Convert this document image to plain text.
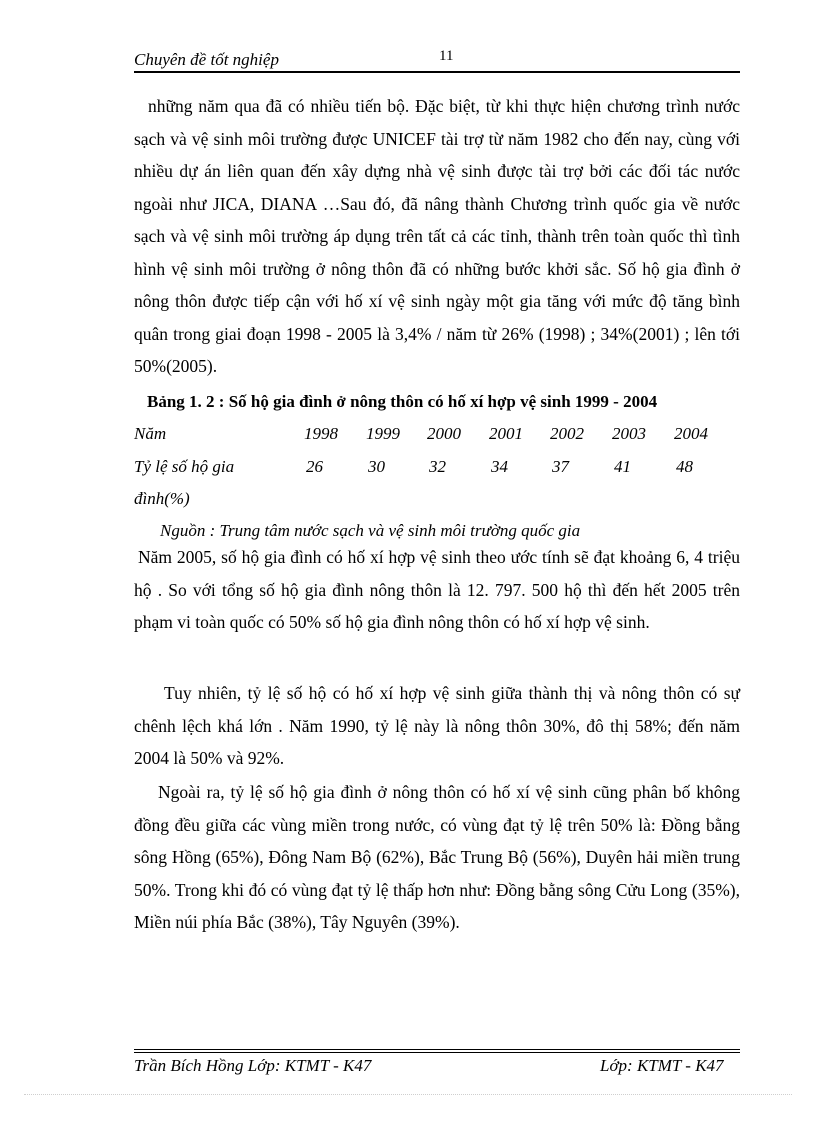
Chuyên đề tốt nghiệp	11

những năm qua đã có nhiều tiến bộ. Đặc biệt, từ khi thực hiện chương trình nước sạch và vệ sinh môi trường được UNICEF tài trợ từ năm 1982 cho đến nay, cùng với nhiều dự án liên quan đến xây dựng nhà vệ sinh được tài trợ bởi các đối tác nước ngoài như JICA, DIANA …Sau đó, đã nâng thành Chương trình quốc gia về nước sạch và vệ sinh môi trường áp dụng trên tất cả các tỉnh, thành trên toàn quốc thì tình hình vệ sinh môi trường ở nông thôn đã có những bước khởi sắc. Số hộ gia đình ở nông thôn được tiếp cận với hố xí vệ sinh ngày một gia tăng với mức độ tăng bình quân trong giai đoạn 1998 - 2005 là 3,4% / năm từ 26% (1998) ; 34%(2001) ; lên tới 50%(2005).

Bảng 1. 2 : Số hộ gia đình ở nông thôn có hố xí hợp vệ sinh 1999 - 2004
Năm	1998 1999 2000 2001 2002 2003 2004
Tỷ lệ số hộ gia	26	30	32	34	37	41	48
đình(%)
Nguồn : Trung tâm nước sạch và vệ sinh môi trường quốc gia

Năm 2005, số hộ gia đình có hố xí hợp vệ sinh theo ước tính sẽ đạt khoảng 6, 4 triệu hộ . So với tổng số hộ gia đình nông thôn là 12. 797. 500 hộ thì đến hết 2005 trên phạm vi toàn quốc có 50% số hộ gia đình nông thôn có hố xí hợp vệ sinh.

Tuy nhiên, tỷ lệ số hộ có hố xí hợp vệ sinh giữa thành thị và nông thôn có sự chênh lệch khá lớn . Năm 1990, tỷ lệ này là nông thôn 30%, đô thị 58%; đến năm 2004 là 50% và 92%.

Ngoài ra, tỷ lệ số hộ gia đình ở nông thôn có hố xí vệ sinh cũng phân bố không đồng đều giữa các vùng miền trong nước, có vùng đạt tỷ lệ trên 50% là: Đồng bằng sông Hồng (65%), Đông Nam Bộ (62%), Bắc Trung Bộ (56%), Duyên hải miền trung 50%. Trong khi đó có vùng đạt tỷ lệ thấp hơn như: Đồng bằng sông Cửu Long (35%), Miền núi phía Bắc (38%), Tây Nguyên (39%).

Trần Bích Hồng Lớp: KTMT - K47	Lớp: KTMT - K47
